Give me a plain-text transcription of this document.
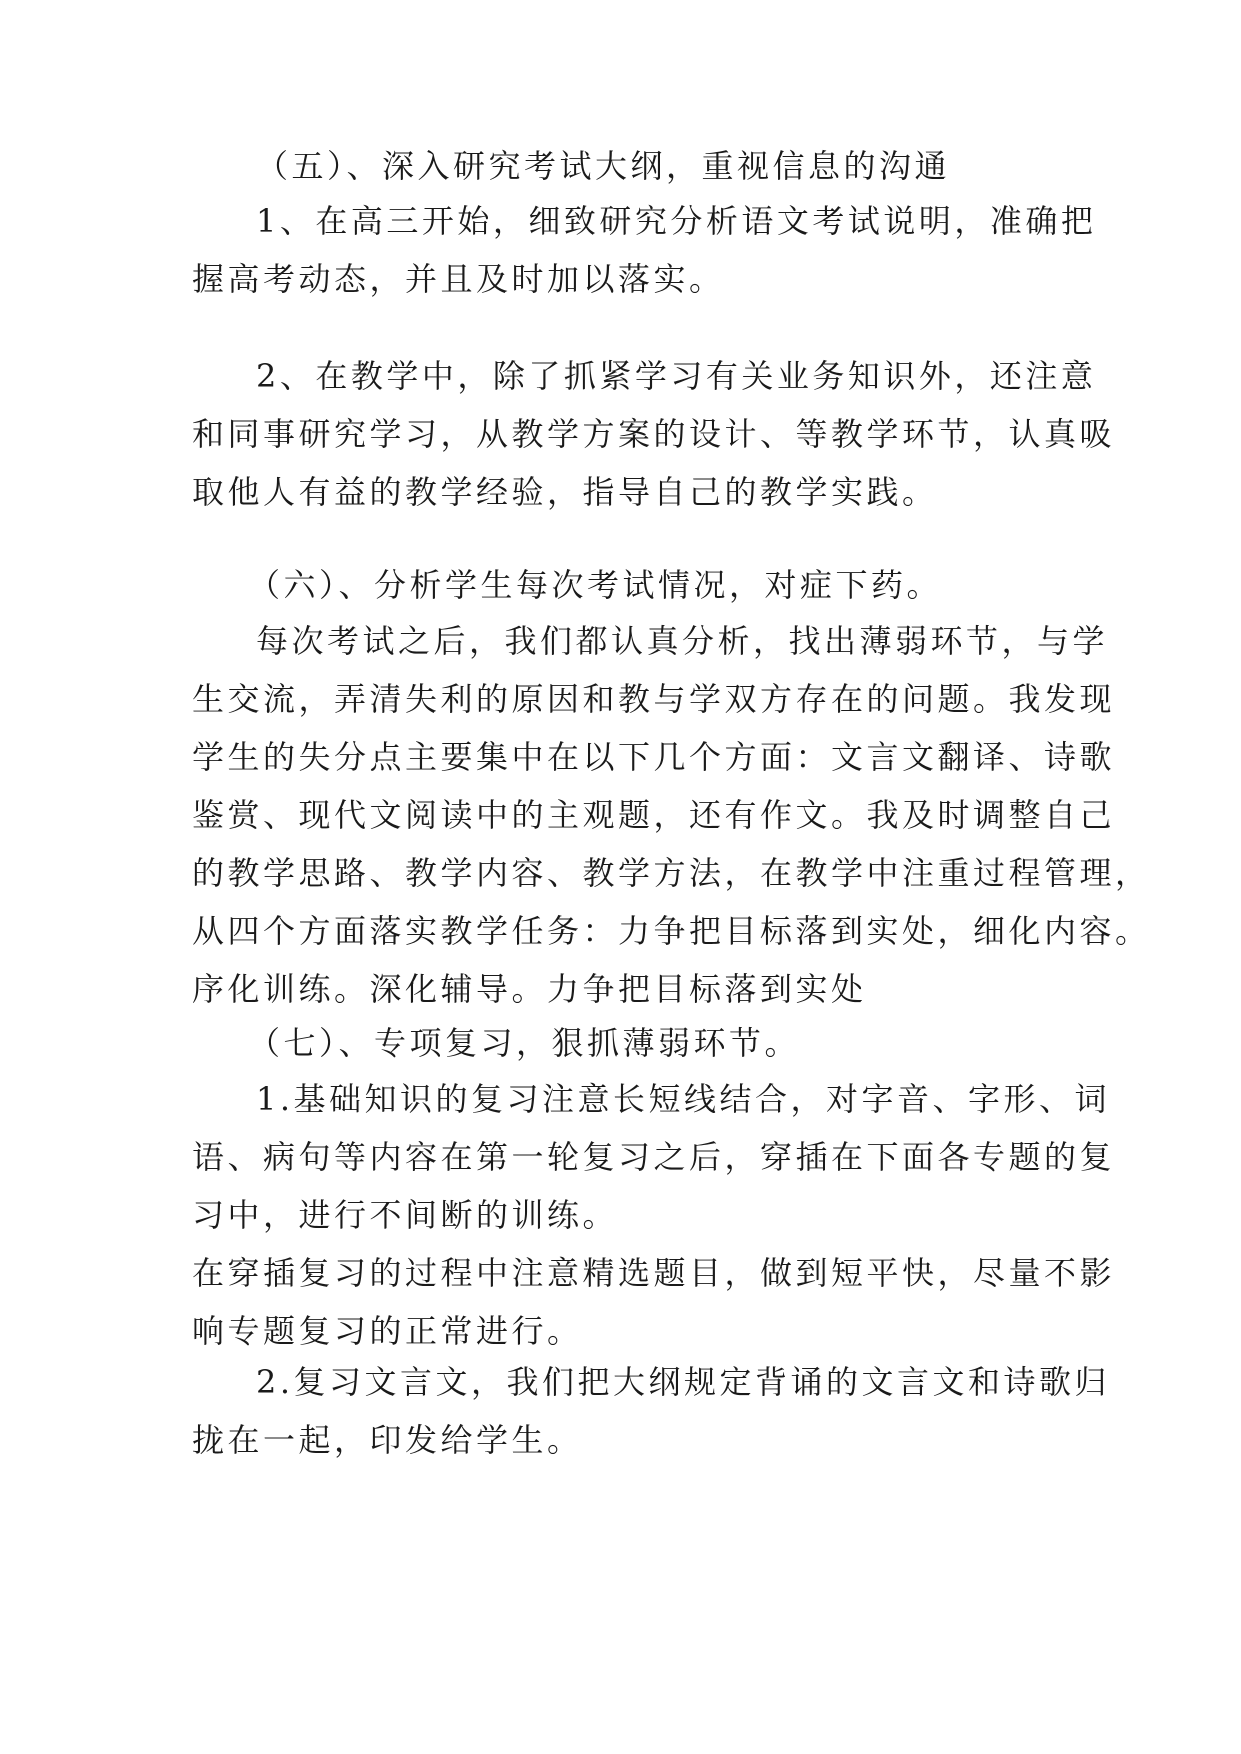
（五）、深入研究考试大纲，重视信息的沟通
1、在高三开始，细致研究分析语文考试说明，准确把
握高考动态，并且及时加以落实。
2、在教学中，除了抓紧学习有关业务知识外，还注意
和同事研究学习，从教学方案的设计、等教学环节，认真吸
取他人有益的教学经验，指导自己的教学实践。
（六）、分析学生每次考试情况，对症下药。
每次考试之后，我们都认真分析，找出薄弱环节，与学
生交流，弄清失利的原因和教与学双方存在的问题。我发现
学生的失分点主要集中在以下几个方面：文言文翻译、诗歌
鉴赏、现代文阅读中的主观题，还有作文。我及时调整自己
的教学思路、教学内容、教学方法，在教学中注重过程管理，
从四个方面落实教学任务：力争把目标落到实处，细化内容。
序化训练。深化辅导。力争把目标落到实处
（七）、专项复习，狠抓薄弱环节。
1.基础知识的复习注意长短线结合，对字音、字形、词
语、病句等内容在第一轮复习之后，穿插在下面各专题的复
习中，进行不间断的训练。
在穿插复习的过程中注意精选题目，做到短平快，尽量不影
响专题复习的正常进行。
2.复习文言文，我们把大纲规定背诵的文言文和诗歌归
拢在一起，印发给学生。
